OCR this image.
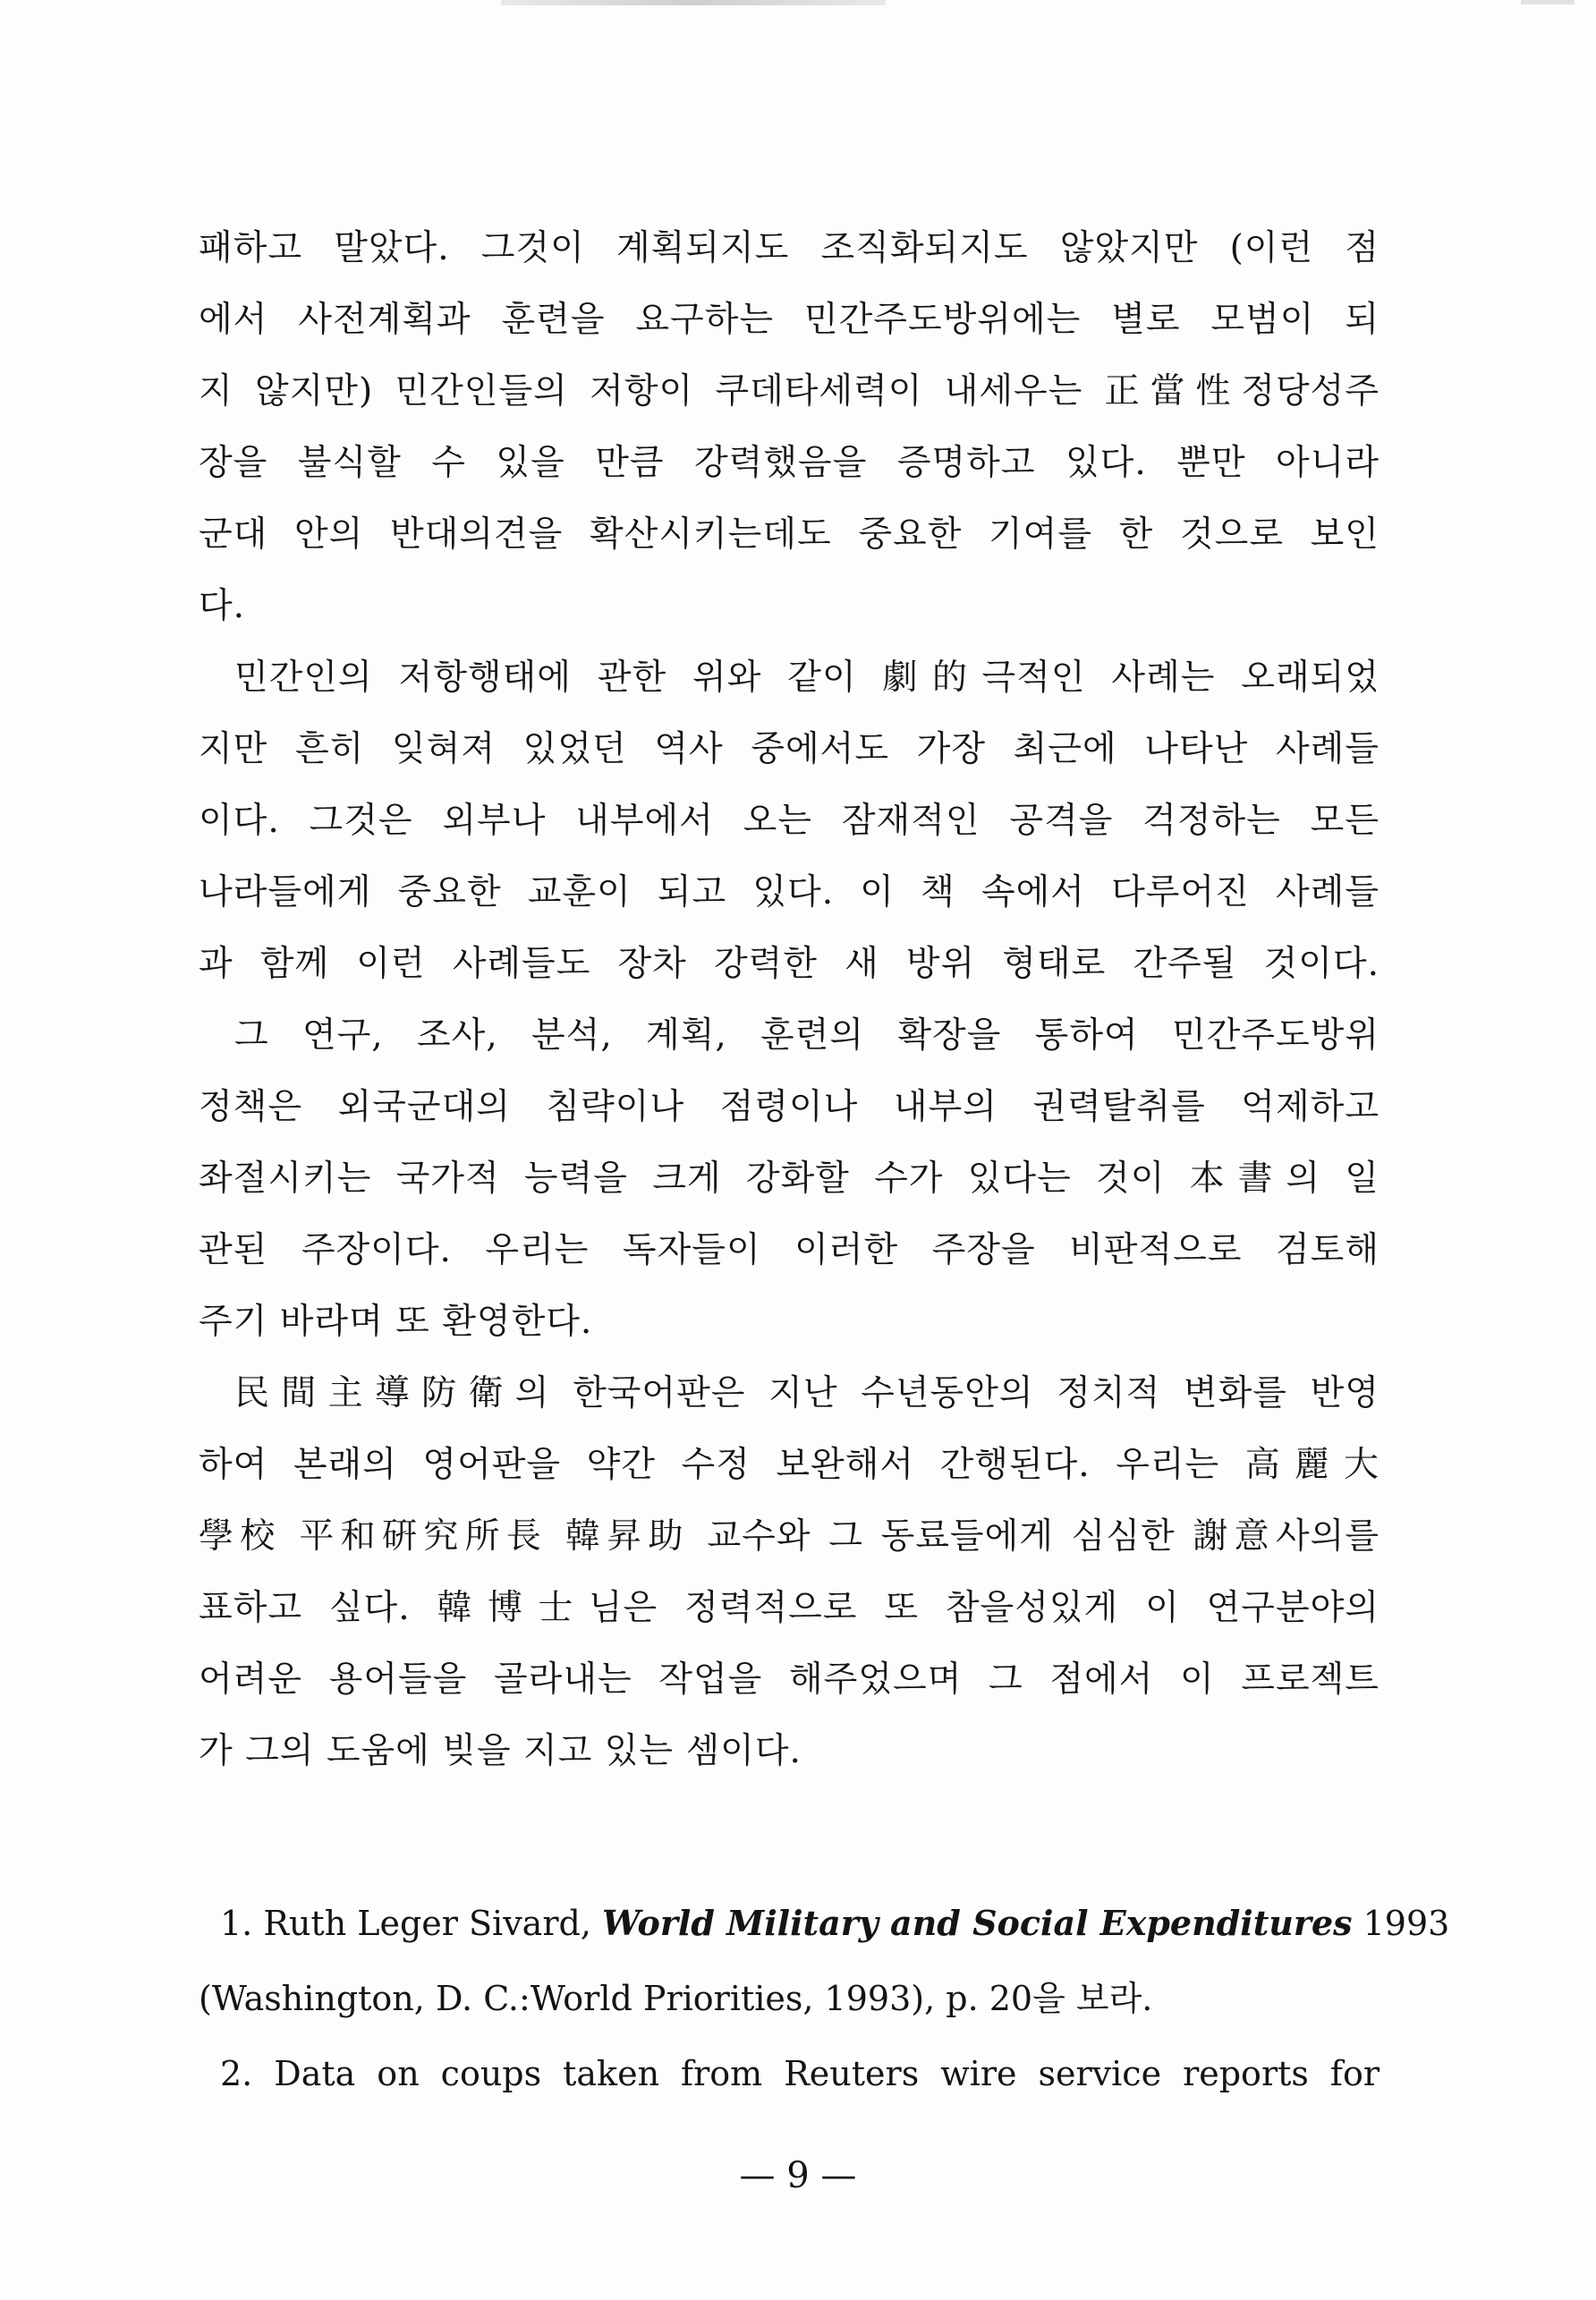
패하고 말았다. 그것이 계획되지도 조직화되지도 않았지만 (이런 점
에서 사전계획과 훈련을 요구하는 민간주도방위에는 별로 모범이 되
지 않지만) 민간인들의 저항이 쿠데타세력이 내세우는 正當性정당성주
장을 불식할 수 있을 만큼 강력했음을 증명하고 있다. 뿐만 아니라
군대 안의 반대의견을 확산시키는데도 중요한 기여를 한 것으로 보인
다.
민간인의 저항행태에 관한 위와 같이 劇的극적인 사례는 오래되었
지만 흔히 잊혀져 있었던 역사 중에서도 가장 최근에 나타난 사례들
이다. 그것은 외부나 내부에서 오는 잠재적인 공격을 걱정하는 모든
나라들에게 중요한 교훈이 되고 있다. 이 책 속에서 다루어진 사례들
과 함께 이런 사례들도 장차 강력한 새 방위 형태로 간주될 것이다.
그 연구, 조사, 분석, 계획, 훈련의 확장을 통하여 민간주도방위
정책은 외국군대의 침략이나 점령이나 내부의 권력탈취를 억제하고
좌절시키는 국가적 능력을 크게 강화할 수가 있다는 것이 本書의 일
관된 주장이다. 우리는 독자들이 이러한 주장을 비판적으로 검토해
주기 바라며 또 환영한다.
民間主導防衛의 한국어판은 지난 수년동안의 정치적 변화를 반영
하여 본래의 영어판을 약간 수정 보완해서 간행된다. 우리는 高麗大
學校 平和硏究所長 韓昇助 교수와 그 동료들에게 심심한 謝意사의를
표하고 싶다. 韓博士님은 정력적으로 또 참을성있게 이 연구분야의
어려운 용어들을 골라내는 작업을 해주었으며 그 점에서 이 프로젝트
가 그의 도움에 빚을 지고 있는 셈이다.
1. Ruth Leger Sivard, World Military and Social Expenditures 1993
(Washington, D. C.:World Priorities, 1993), p. 20을 보라.
2. Data on coups taken from Reuters wire service reports for
— 9 —
